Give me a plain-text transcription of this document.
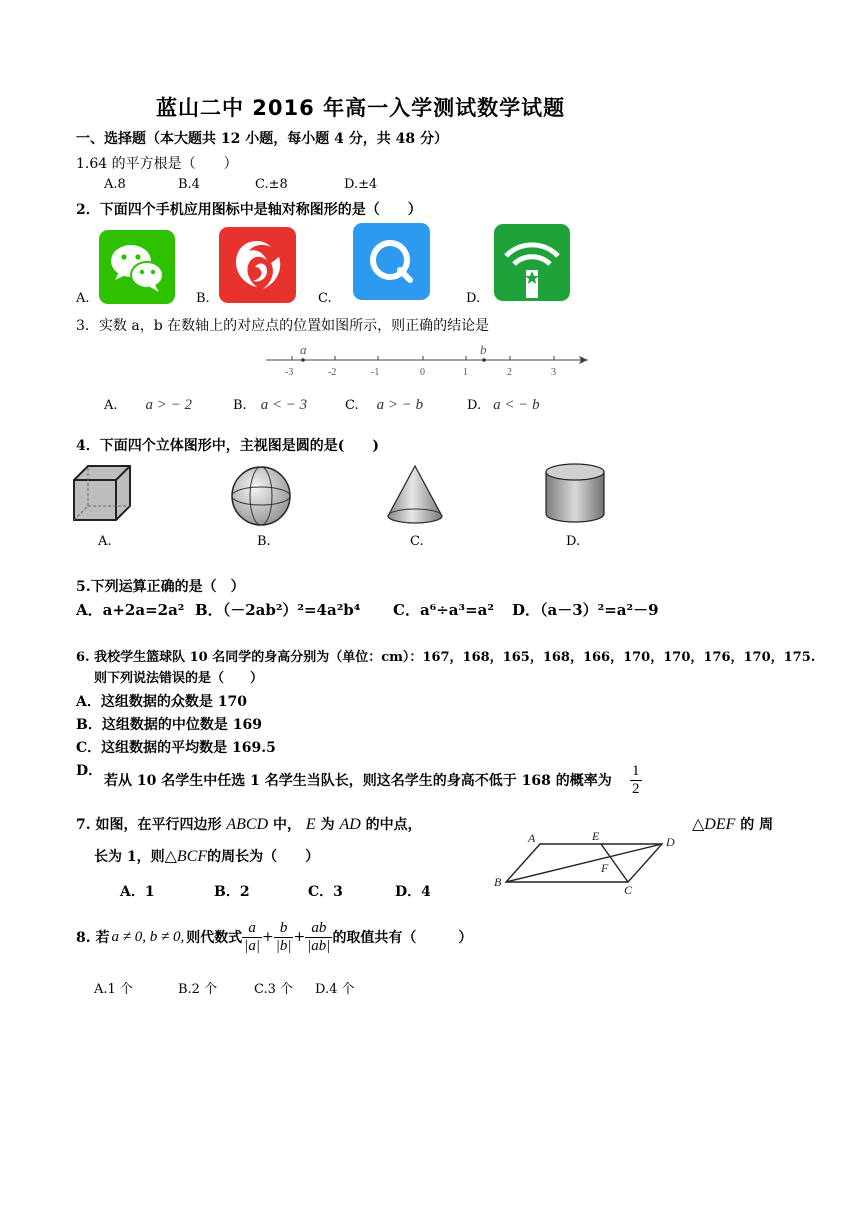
蓝山二中 2016 年高一入学测试数学试题
一、选择题（本大题共 12 小题，每小题 4 分，共 48 分）
1.64 的平方根是（　　）
A.8	B.4	C.±8	D.±4
2．下面四个手机应用图标中是轴对称图形的是（　　）
A.	B.	C.	D.
3．实数 a，b 在数轴上的对应点的位置如图所示，则正确的结论是
a	b
-3	-2	-1	0	1	2	3
A. a > − 2	B. a < − 3	C. a > − b	D. a < − b
4．下面四个立体图形中，主视图是圆的是(　　)
A.	B.	C.	D.
5.下列运算正确的是（　）
A．a+2a=2a² B．（－2ab²）²=4a²b⁴ C．a⁶÷a³=a² D．（a－3）²=a²－9
6. 我校学生篮球队 10 名同学的身高分别为（单位：cm）：167，168，165，168，166，170，170，176，170，175.
则下列说法错误的是（　　）
A．这组数据的众数是 170
B．这组数据的中位数是 169
C．这组数据的平均数是 169.5
D．
若从 10 名学生中任选 1 名学生当队长，则这名学生的身高不低于 168 的概率为 $\frac{1}{2}$
7. 如图，在平行四边形 ABCD 中， E 为 AD 的中点，	△DEF 的 周
长为 1，则△BCF的周长为（　　）
A．1	B．2	C．3	D．4
A	E	D
F
B
C
8. 若 a ≠ 0, b ≠ 0, 则代数式 $\frac{a}{|a|} + \frac{b}{|b|} + \frac{ab}{|ab|}$ 的取值共有（　　　）
A.1 个	B.2 个	C.3 个 D.4 个
